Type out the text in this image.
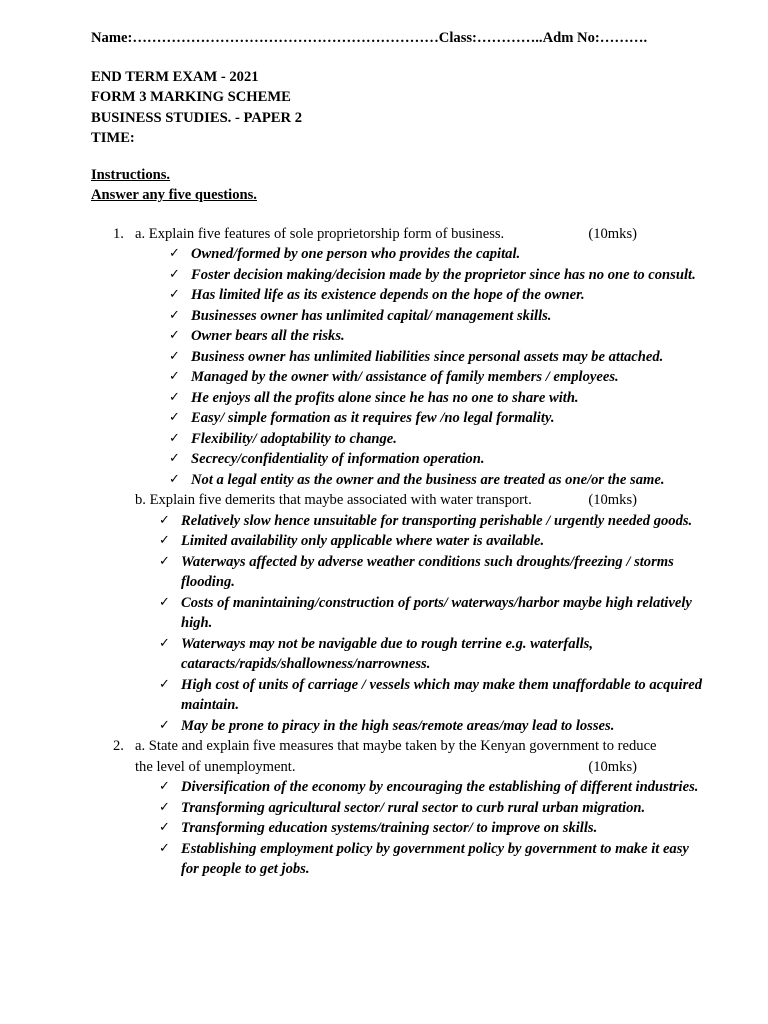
Name:………………………………………………………Class:…………..Adm No:……….
END TERM EXAM - 2021
FORM 3 MARKING SCHEME
BUSINESS STUDIES. - PAPER 2
TIME:
Instructions.
Answer any five questions.
1. a. Explain five features of sole proprietorship form of business.	(10mks)
✓ Owned/formed by one person who provides the capital.
✓ Foster decision making/decision made by the proprietor since has no one to consult.
✓ Has limited life as its existence depends on the hope of the owner.
✓ Businesses owner has unlimited capital/ management skills.
✓ Owner bears all the risks.
✓ Business owner has unlimited liabilities since personal assets may be attached.
✓ Managed by the owner with/ assistance of family members / employees.
✓ He enjoys all the profits alone since he has no one to share with.
✓ Easy/ simple formation as it requires few /no legal formality.
✓ Flexibility/ adoptability to change.
✓ Secrecy/confidentiality of information operation.
✓ Not a legal entity as the owner and the business are treated as one/or the same.
b. Explain five demerits that maybe associated with water transport.	(10mks)
✓ Relatively slow hence unsuitable for transporting perishable / urgently needed goods.
✓ Limited availability only applicable where water is available.
✓ Waterways affected by adverse weather conditions such droughts/freezing / storms flooding.
✓ Costs of manintaining/construction of ports/ waterways/harbor maybe high relatively high.
✓ Waterways may not be navigable due to rough terrine e.g. waterfalls, cataracts/rapids/shallowness/narrowness.
✓ High cost of units of carriage / vessels which may make them unaffordable to acquired maintain.
✓ May be prone to piracy in the high seas/remote areas/may lead to losses.
2. a. State and explain five measures that maybe taken by the Kenyan government to reduce
the level of unemployment.	(10mks)
✓ Diversification of the economy by encouraging the establishing of different industries.
✓ Transforming agricultural sector/ rural sector to curb rural urban migration.
✓ Transforming education systems/training sector/ to improve on skills.
✓ Establishing employment policy by government policy by government to make it easy for people to get jobs.
